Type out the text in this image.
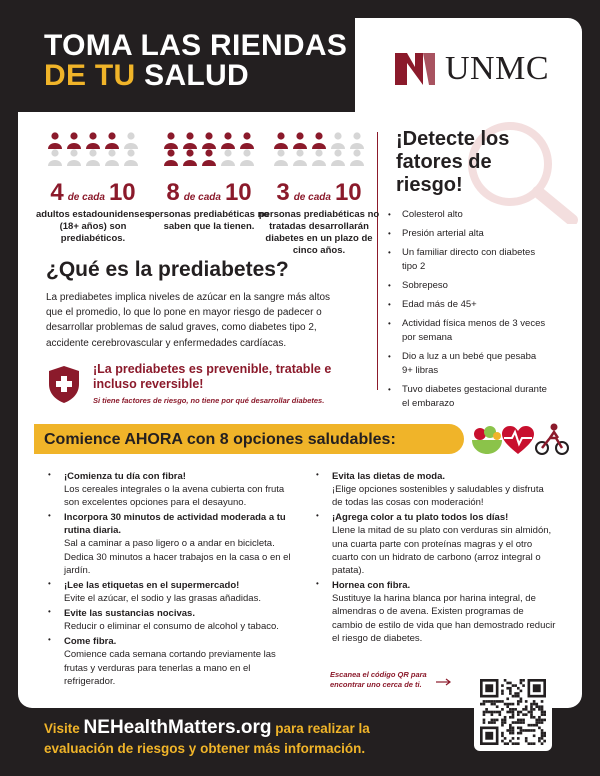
TOMA LAS RIENDAS
DE TU SALUD	UNMC
4 de cada 10
adultos estadounidenses (18+ años) son prediabéticos.
8 de cada 10
personas prediabéticas no saben que la tienen.
3 de cada 10
personas prediabéticas no tratadas desarrollarán diabetes en un plazo de cinco años.
¿Qué es la prediabetes?
La prediabetes implica niveles de azúcar en la sangre más altos que el promedio, lo que lo pone en mayor riesgo de padecer o desarrollar problemas de salud graves, como diabetes tipo 2, accidente cerebrovascular y enfermedades cardíacas.
¡La prediabetes es prevenible, tratable e incluso reversible!
Si tiene factores de riesgo, no tiene por qué desarrollar diabetes.
¡Detecte los fatores de riesgo!
• Colesterol alto
• Presión arterial alta
• Un familiar directo con diabetes tipo 2
• Sobrepeso
• Edad más de 45+
• Actividad física menos de 3 veces por semana
• Dio a luz a un bebé que pesaba 9+ libras
• Tuvo diabetes gestacional durante el embarazo
Comience AHORA con 8 opciones saludables:
• ¡Comienza tu día con fibra!
Los cereales integrales o la avena cubierta con fruta son excelentes opciones para el desayuno.
• Incorpora 30 minutos de actividad moderada a tu rutina diaria.
Sal a caminar a paso ligero o a andar en bicicleta. Dedica 30 minutos a hacer trabajos en la casa o en el jardín.
• ¡Lee las etiquetas en el supermercado!
Evite el azúcar, el sodio y las grasas añadidas.
• Evite las sustancias nocivas.
Reducir o eliminar el consumo de alcohol y tabaco.
• Come fibra.
Comience cada semana cortando previamente las frutas y verduras para tenerlas a mano en el refrigerador.
• Evita las dietas de moda.
¡Elige opciones sostenibles y saludables y disfruta de todas las cosas con moderación!
• ¡Agrega color a tu plato todos los días!
Llene la mitad de su plato con verduras sin almidón, una cuarta parte con proteínas magras y el otro cuarto con un hidrato de carbono (arroz integral o patata).
• Hornea con fibra.
Sustituye la harina blanca por harina integral, de almendras o de avena. Existen programas de cambio de estilo de vida que han demostrado reducir el riesgo de diabetes.
Escanea el código QR para encontrar uno cerca de ti.
Visite NEHealthMatters.org para realizar la
evaluación de riesgos y obtener más información.
